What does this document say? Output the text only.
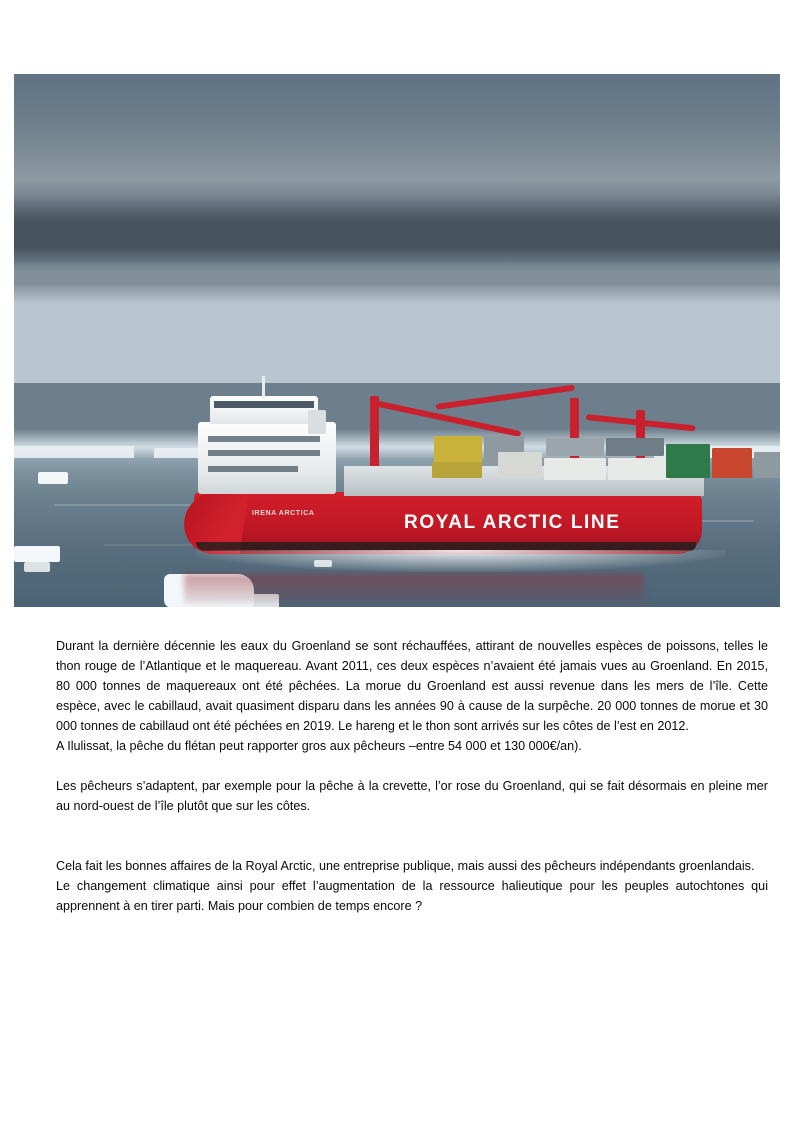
ROYAL ARCTIC LINE
IRENA ARCTICA

Durant la dernière décennie les eaux du Groenland se sont réchauffées, attirant de nouvelles espèces de poissons, telles le thon rouge de l’Atlantique et le maquereau. Avant 2011, ces deux espèces n’avaient été jamais vues au Groenland. En 2015, 80 000 tonnes de maquereaux ont été pêchées. La morue du Groenland est aussi revenue dans les mers de l’île. Cette espèce, avec le cabillaud, avait quasiment disparu dans les années 90 à cause de la surpêche. 20 000 tonnes de morue et 30 000 tonnes de cabillaud ont été péchées en 2019. Le hareng et le thon sont arrivés sur les côtes de l’est en 2012.

A Ilulissat, la pêche du flétan peut rapporter gros aux pêcheurs –entre 54 000 et 130 000€/an).

Les pêcheurs s’adaptent, par exemple pour la pêche à la crevette, l’or rose du Groenland, qui se fait désormais en pleine mer au nord-ouest de l’île plutôt que sur les côtes.

Cela fait les bonnes affaires de la Royal Arctic, une entreprise publique, mais aussi des pêcheurs indépendants groenlandais.

Le changement climatique ainsi pour effet l’augmentation de la ressource halieutique pour les peuples autochtones qui apprennent à en tirer parti. Mais pour combien de temps encore ?
